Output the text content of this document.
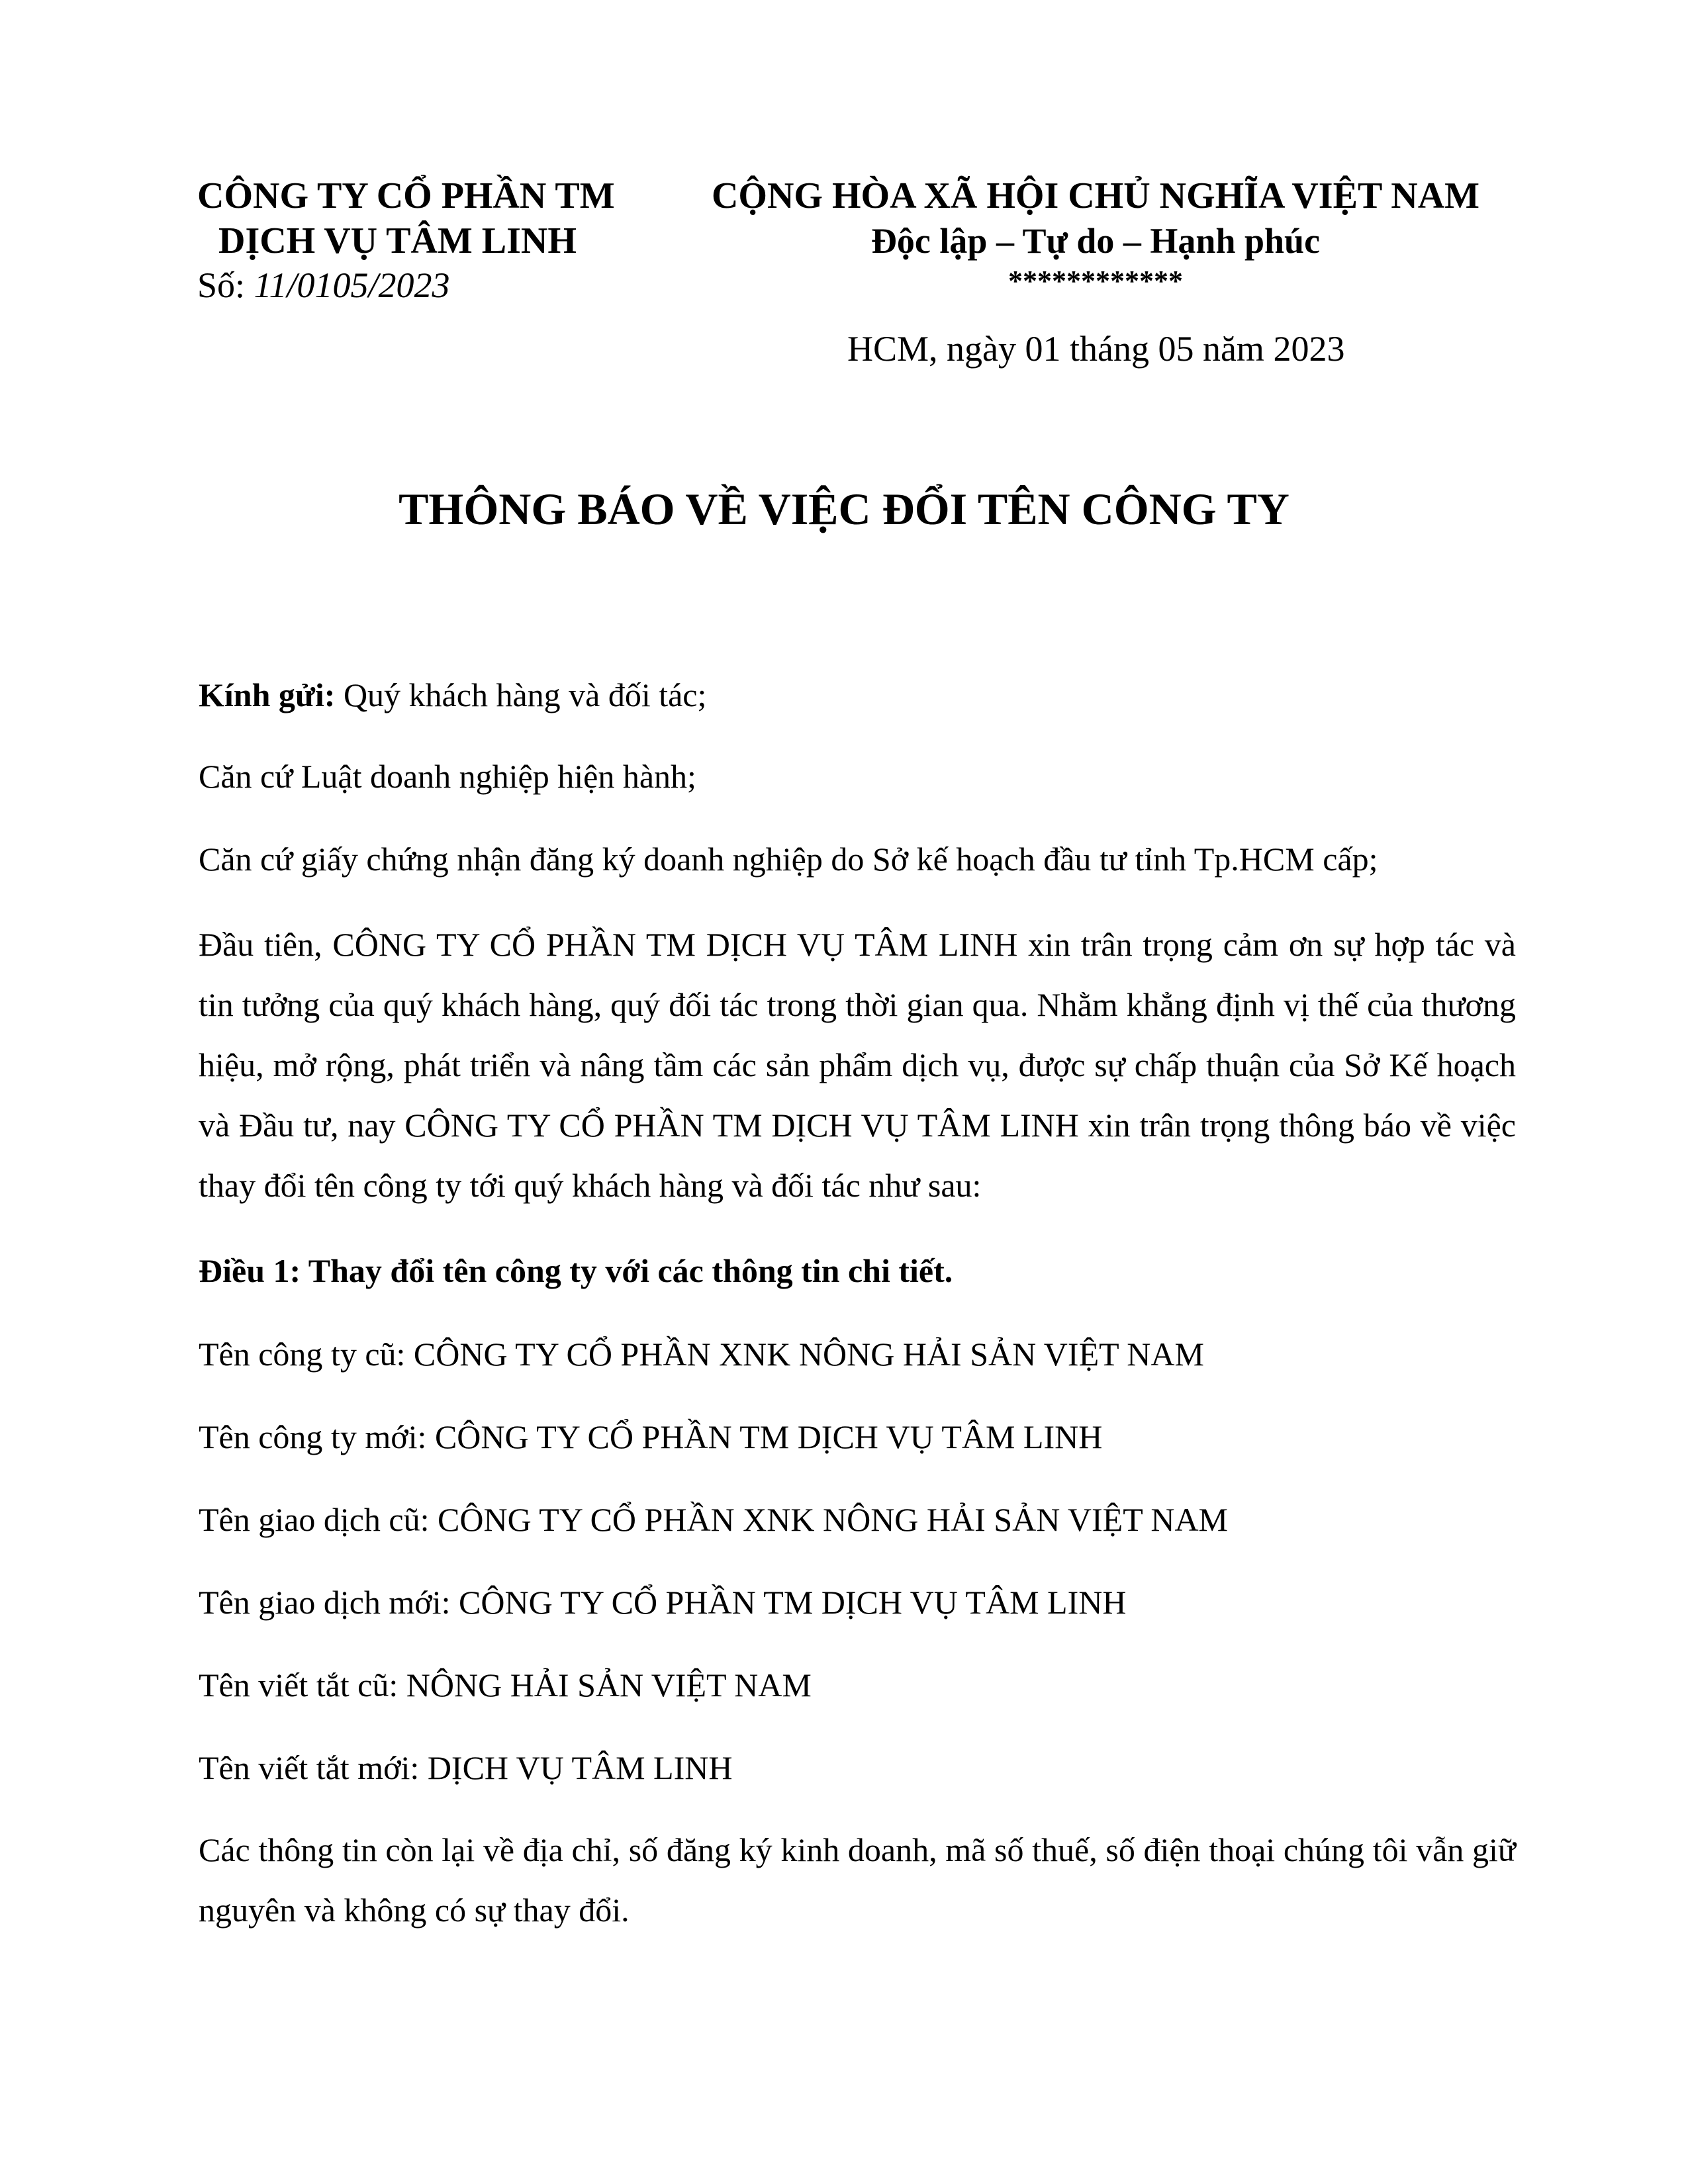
CÔNG TY CỔ PHẦN TM
DỊCH VỤ TÂM LINH
Số: 11/0105/2023
CỘNG HÒA XÃ HỘI CHỦ NGHĨA VIỆT NAM
Độc lập – Tự do – Hạnh phúc
************
HCM, ngày 01 tháng 05 năm 2023
THÔNG BÁO VỀ VIỆC ĐỔI TÊN CÔNG TY
Kính gửi: Quý khách hàng và đối tác;
Căn cứ Luật doanh nghiệp hiện hành;
Căn cứ giấy chứng nhận đăng ký doanh nghiệp do Sở kế hoạch đầu tư tỉnh Tp.HCM cấp;
Đầu tiên, CÔNG TY CỔ PHẦN TM DỊCH VỤ TÂM LINH xin trân trọng cảm ơn sự hợp tác và tin tưởng của quý khách hàng, quý đối tác trong thời gian qua. Nhằm khẳng định vị thế của thương hiệu, mở rộng, phát triển và nâng tầm các sản phẩm dịch vụ, được sự chấp thuận của Sở Kế hoạch và Đầu tư, nay CÔNG TY CỔ PHẦN TM DỊCH VỤ TÂM LINH xin trân trọng thông báo về việc thay đổi tên công ty tới quý khách hàng và đối tác như sau:
Điều 1: Thay đổi tên công ty với các thông tin chi tiết.
Tên công ty cũ: CÔNG TY CỔ PHẦN XNK NÔNG HẢI SẢN VIỆT NAM
Tên công ty mới: CÔNG TY CỔ PHẦN TM DỊCH VỤ TÂM LINH
Tên giao dịch cũ: CÔNG TY CỔ PHẦN XNK NÔNG HẢI SẢN VIỆT NAM
Tên giao dịch mới: CÔNG TY CỔ PHẦN TM DỊCH VỤ TÂM LINH
Tên viết tắt cũ: NÔNG HẢI SẢN VIỆT NAM
Tên viết tắt mới: DỊCH VỤ TÂM LINH
Các thông tin còn lại về địa chỉ, số đăng ký kinh doanh, mã số thuế, số điện thoại chúng tôi vẫn giữ nguyên và không có sự thay đổi.
